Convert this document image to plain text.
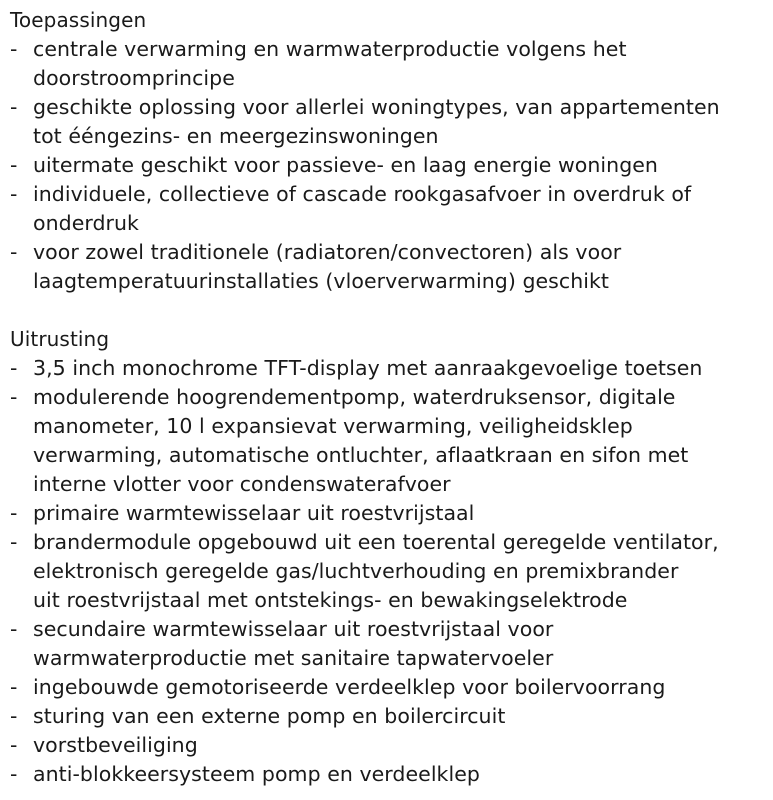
Toepassingen
- centrale verwarming en warmwaterproductie volgens het
doorstroomprincipe
- geschikte oplossing voor allerlei woningtypes, van appartementen
tot ééngezins- en meergezinswoningen
- uitermate geschikt voor passieve- en laag energie woningen
- individuele, collectieve of cascade rookgasafvoer in overdruk of
onderdruk
- voor zowel traditionele (radiatoren/convectoren) als voor
laagtemperatuurinstallaties (vloerverwarming) geschikt
Uitrusting
- 3,5 inch monochrome TFT-display met aanraakgevoelige toetsen
- modulerende hoogrendementpomp, waterdruksensor, digitale
manometer, 10 l expansievat verwarming, veiligheidsklep
verwarming, automatische ontluchter, aflaatkraan en sifon met
interne vlotter voor condenswaterafvoer
- primaire warmtewisselaar uit roestvrijstaal
- brandermodule opgebouwd uit een toerental geregelde ventilator,
elektronisch geregelde gas/luchtverhouding en premixbrander
uit roestvrijstaal met ontstekings- en bewakingselektrode
- secundaire warmtewisselaar uit roestvrijstaal voor
warmwaterproductie met sanitaire tapwatervoeler
- ingebouwde gemotoriseerde verdeelklep voor boilervoorrang
- sturing van een externe pomp en boilercircuit
- vorstbeveiliging
- anti-blokkeersysteem pomp en verdeelklep
